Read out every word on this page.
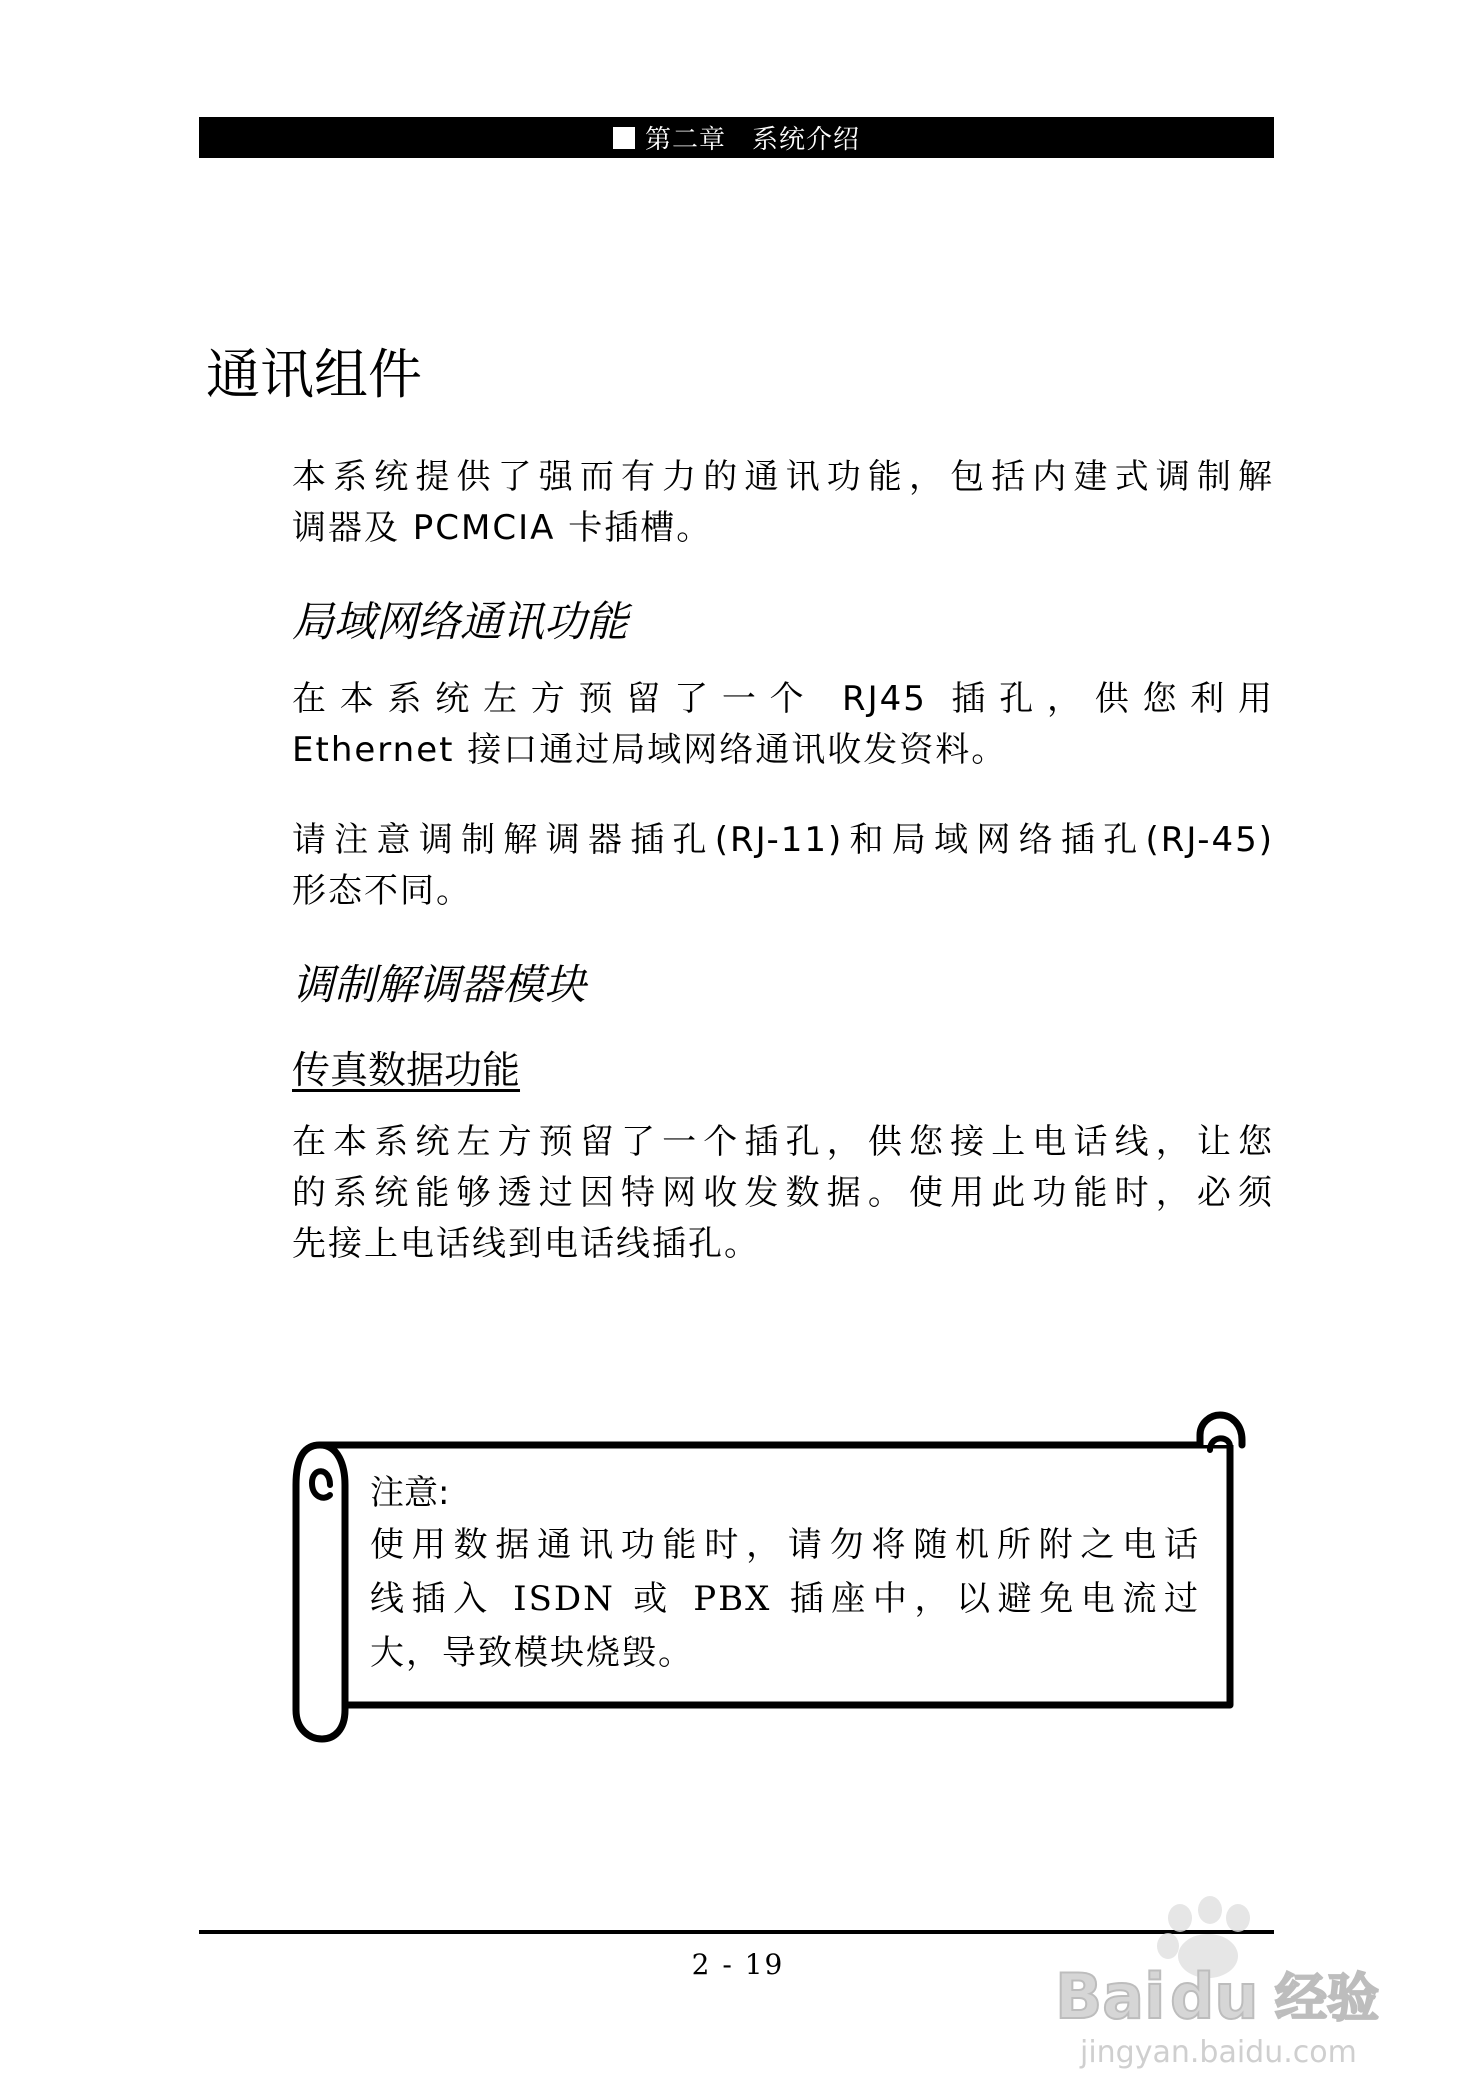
第二章 系统介绍
通讯组件
本系统提供了强而有力的通讯功能，包括内建式调制解
调器及 PCMCIA 卡插槽。
局域网络通讯功能
在本系统左方预留了一个 RJ45 插孔，供您利用
Ethernet 接口通过局域网络通讯收发资料。
请注意调制解调器插孔(RJ-11)和局域网络插孔(RJ-45)
形态不同。
调制解调器模块
传真数据功能
在本系统左方预留了一个插孔，供您接上电话线，让您
的系统能够透过因特网收发数据。使用此功能时，必须
先接上电话线到电话线插孔。
注意:
使用数据通讯功能时，请勿将随机所附之电话
线插入 ISDN 或 PBX 插座中，以避免电流过
大，导致模块烧毁。
2 - 19	Bai du 经验
jingyan.baidu.com
